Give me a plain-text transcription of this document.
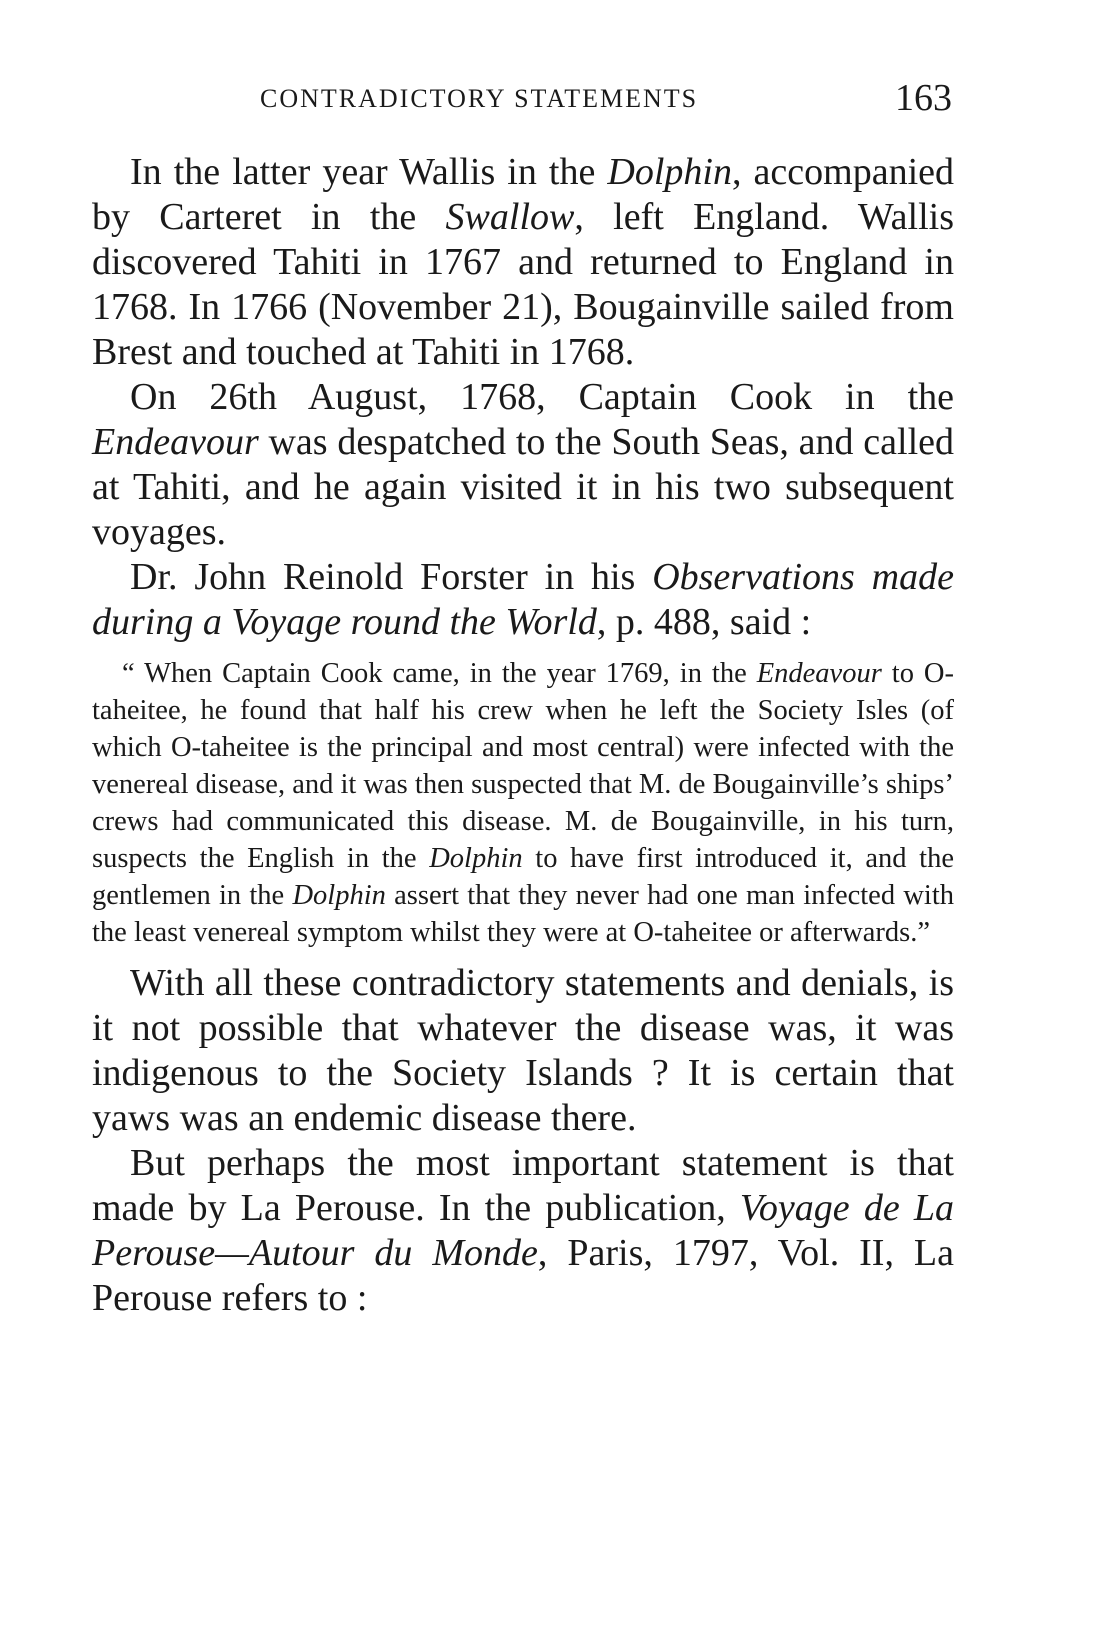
CONTRADICTORY STATEMENTS	163

In the latter year Wallis in the Dolphin, accompanied by Carteret in the Swallow, left England. Wallis discovered Tahiti in 1767 and returned to England in 1768. In 1766 (November 21), Bougainville sailed from Brest and touched at Tahiti in 1768.

On 26th August, 1768, Captain Cook in the Endeavour was despatched to the South Seas, and called at Tahiti, and he again visited it in his two subsequent voyages.

Dr. John Reinold Forster in his Observations made during a Voyage round the World, p. 488, said :

“ When Captain Cook came, in the year 1769, in the Endeavour to O-taheitee, he found that half his crew when he left the Society Isles (of which O-taheitee is the principal and most central) were infected with the venereal disease, and it was then suspected that M. de Bougainville’s ships’ crews had communicated this disease. M. de Bougainville, in his turn, suspects the English in the Dolphin to have first introduced it, and the gentlemen in the Dolphin assert that they never had one man infected with the least venereal symptom whilst they were at O-taheitee or afterwards.”

With all these contradictory statements and denials, is it not possible that whatever the disease was, it was indigenous to the Society Islands ? It is certain that yaws was an endemic disease there.

But perhaps the most important statement is that made by La Perouse. In the publication, Voyage de La Perouse—Autour du Monde, Paris, 1797, Vol. II, La Perouse refers to :
